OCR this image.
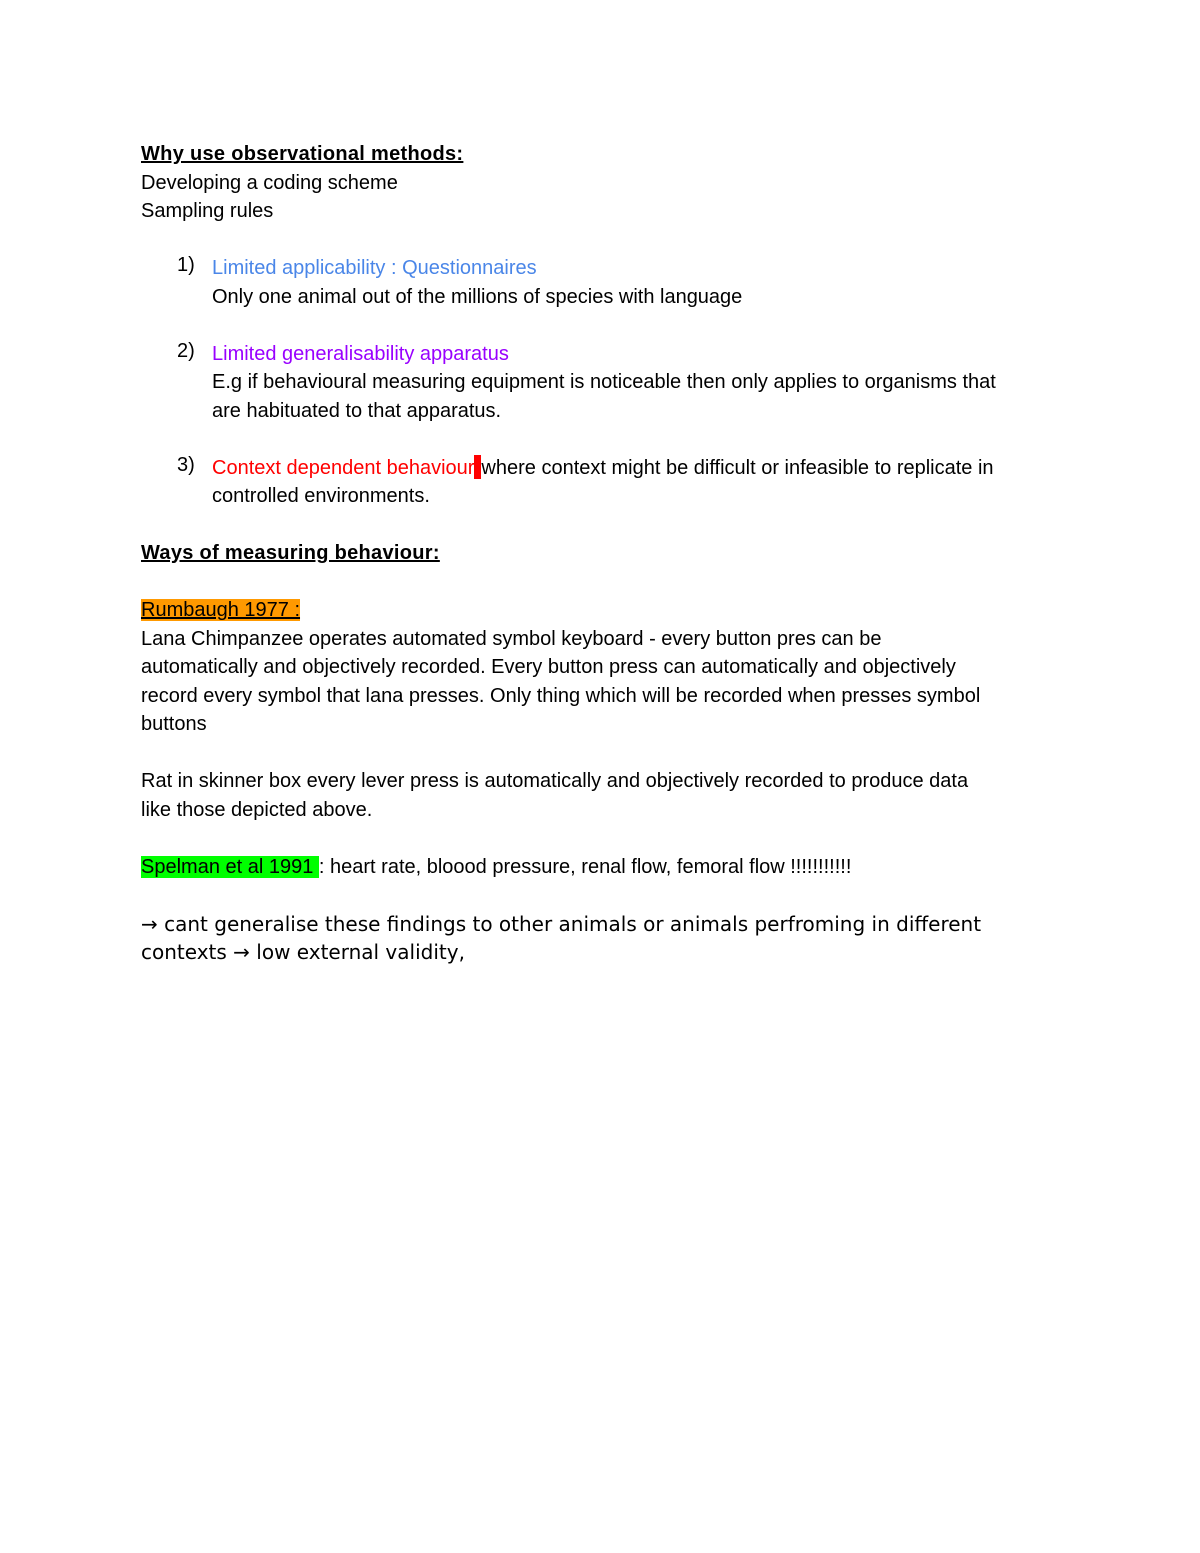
Why use observational methods:
Developing a coding scheme
Sampling rules
1) Limited applicability : Questionnaires
Only one animal out of the millions of species with language
2) Limited generalisability apparatus
E.g if behavioural measuring equipment is noticeable then only applies to organisms that
are habituated to that apparatus.
3) Context dependent behaviour where context might be difficult or infeasible to replicate in
controlled environments.
Ways of measuring behaviour:
Rumbaugh 1977 :
Lana Chimpanzee operates automated symbol keyboard - every button pres can be
automatically and objectively recorded. Every button press can automatically and objectively
record every symbol that lana presses. Only thing which will be recorded when presses symbol
buttons
Rat in skinner box every lever press is automatically and objectively recorded to produce data
like those depicted above.
Spelman et al 1991 : heart rate, bloood pressure, renal flow, femoral flow !!!!!!!!!!!
→ cant generalise these findings to other animals or animals perfroming in different
contexts → low external validity,
